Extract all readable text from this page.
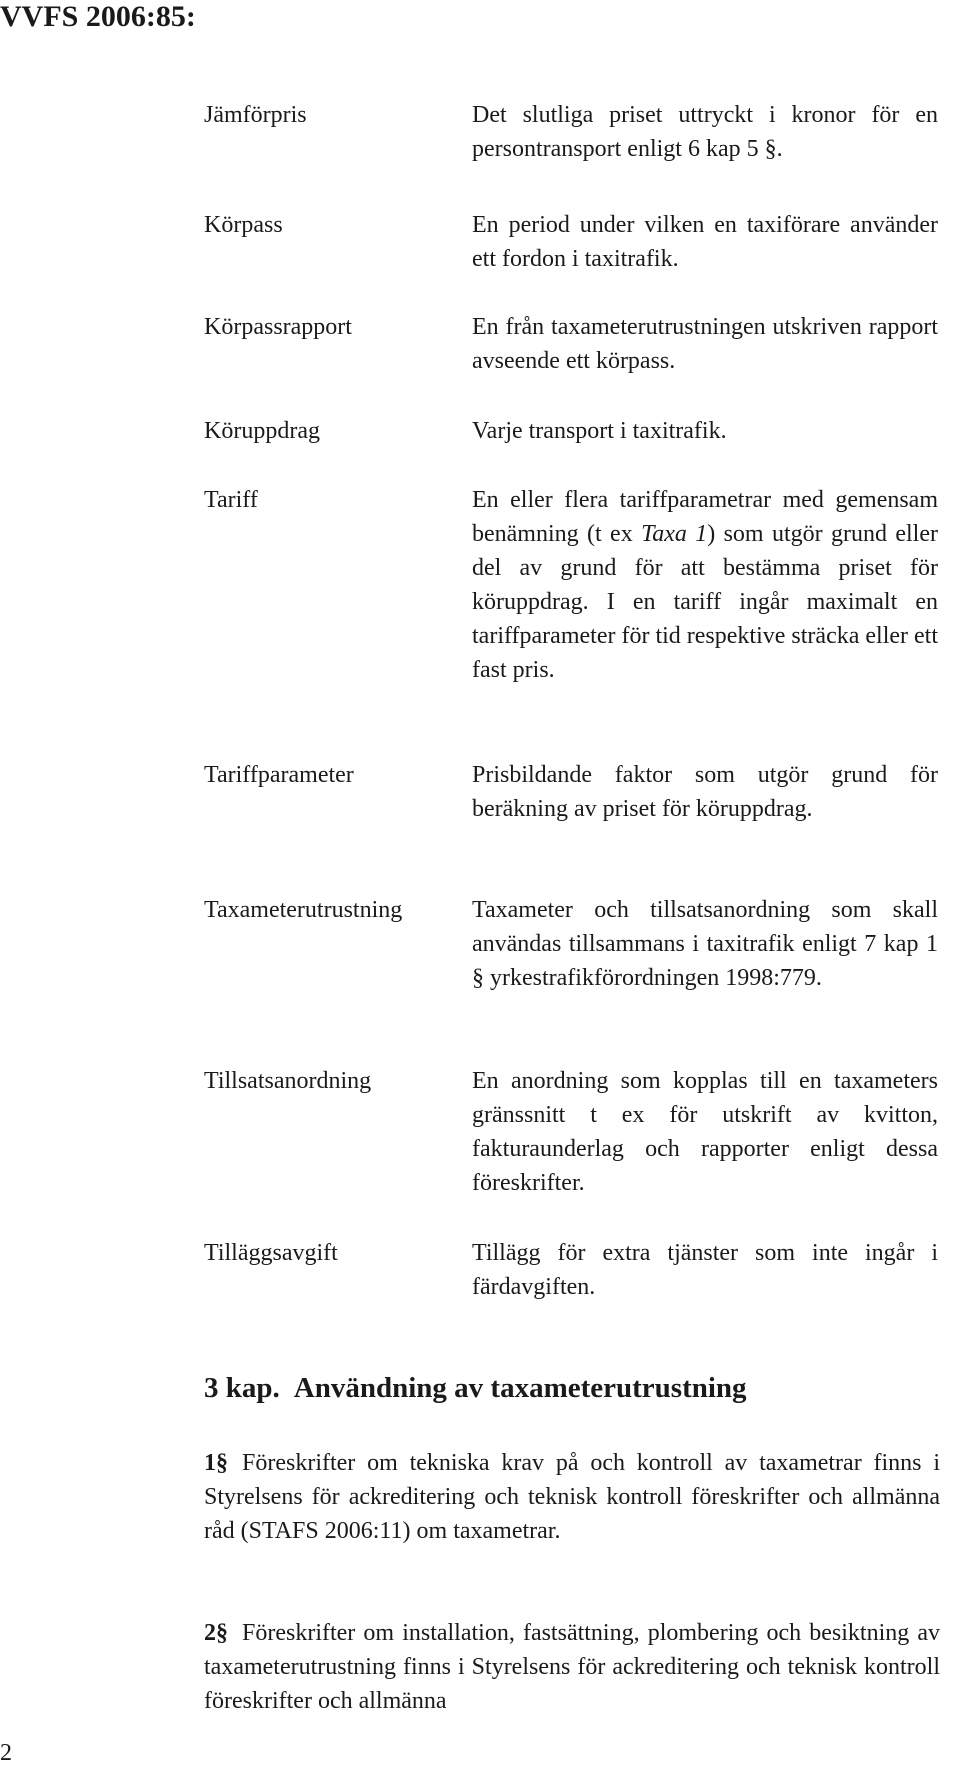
VVFS 2006:85:
Jämförpris	Det slutliga priset uttryckt i kronor för en persontransport enligt 6 kap 5 §.

Körpass	En period under vilken en taxiförare använder ett fordon i taxitrafik.

Körpassrapport	En från taxameterutrustningen utskriven rapport avseende ett körpass.

Köruppdrag	Varje transport i taxitrafik.

Tariff	En eller flera tariffparametrar med gemensam benämning (t ex Taxa 1) som utgör grund eller del av grund för att bestämma priset för köruppdrag. I en tariff ingår maximalt en tariffparameter för tid respektive sträcka eller ett fast pris.

Tariffparameter	Prisbildande faktor som utgör grund för beräkning av priset för köruppdrag.

Taxameterutrustning	Taxameter och tillsatsanordning som skall användas tillsammans i taxitrafik enligt 7 kap 1 § yrkestrafikförordningen 1998:779.

Tillsatsanordning	En anordning som kopplas till en taxameters gränssnitt t ex för utskrift av kvitton, fakturaunderlag och rapporter enligt dessa föreskrifter.

Tilläggsavgift	Tillägg för extra tjänster som inte ingår i färdavgiften.

3 kap. Användning av taxameterutrustning

1§ Föreskrifter om tekniska krav på och kontroll av taxametrar finns i Styrelsens för ackreditering och teknisk kontroll föreskrifter och allmänna råd (STAFS 2006:11) om taxametrar.

2§ Föreskrifter om installation, fastsättning, plombering och besiktning av taxameterutrustning finns i Styrelsens för ackreditering och teknisk kontroll föreskrifter och allmänna

2
